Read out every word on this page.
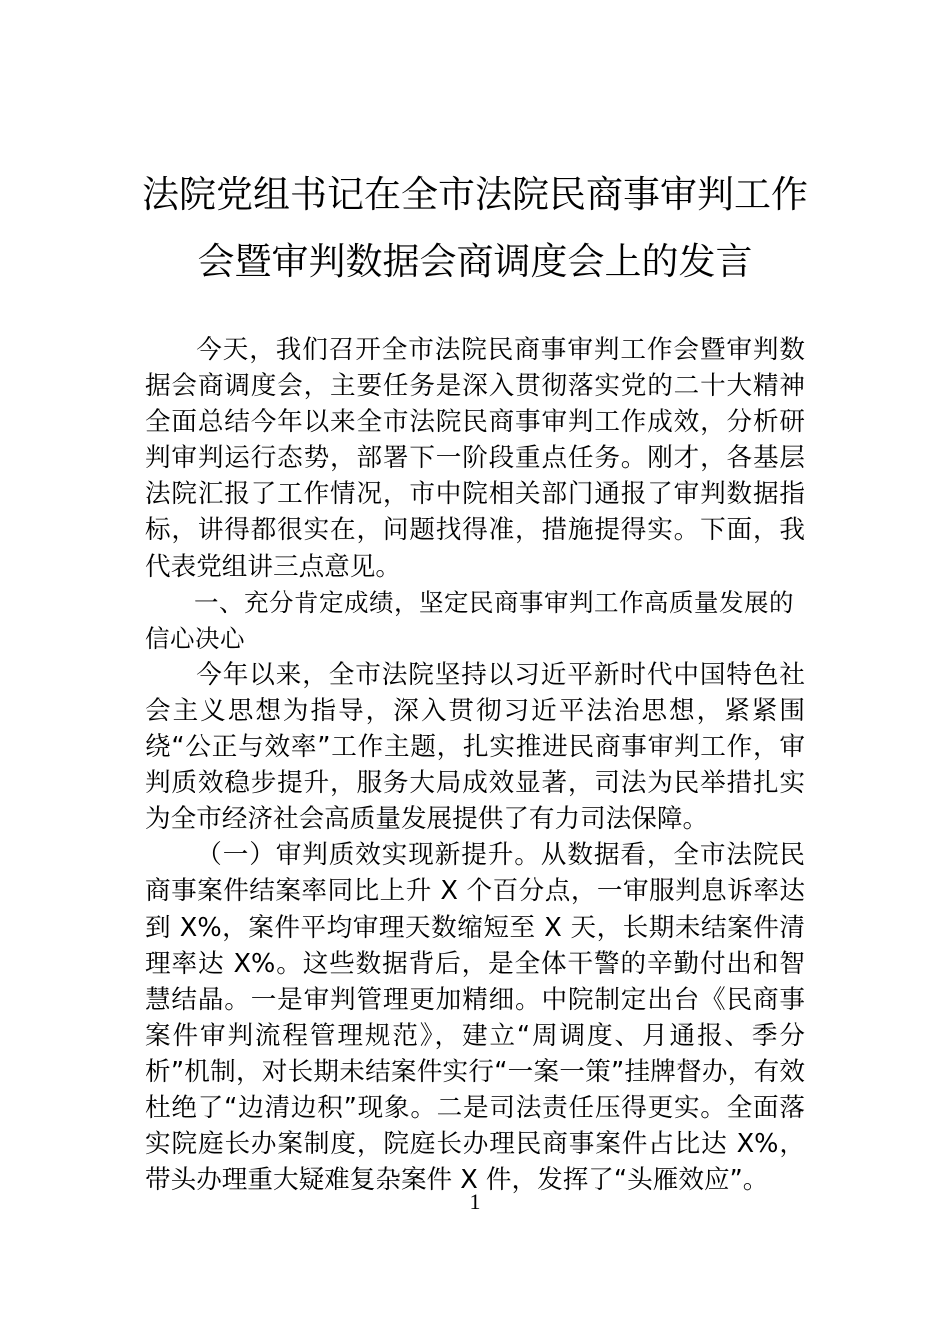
法院党组书记在全市法院民商事审判工作
会暨审判数据会商调度会上的发言

今天，我们召开全市法院民商事审判工作会暨审判数据会商调度会，主要任务是深入贯彻落实党的二十大精神全面总结今年以来全市法院民商事审判工作成效，分析研判审判运行态势，部署下一阶段重点任务。刚才，各基层法院汇报了工作情况，市中院相关部门通报了审判数据指标，讲得都很实在，问题找得准，措施提得实。下面，我代表党组讲三点意见。

一、充分肯定成绩，坚定民商事审判工作高质量发展的信心决心

今年以来，全市法院坚持以习近平新时代中国特色社会主义思想为指导，深入贯彻习近平法治思想，紧紧围绕“公正与效率”工作主题，扎实推进民商事审判工作，审判质效稳步提升，服务大局成效显著，司法为民举措扎实为全市经济社会高质量发展提供了有力司法保障。

（一）审判质效实现新提升。从数据看，全市法院民商事案件结案率同比上升 X 个百分点，一审服判息诉率达到 X%，案件平均审理天数缩短至 X 天，长期未结案件清理率达 X%。这些数据背后，是全体干警的辛勤付出和智慧结晶。一是审判管理更加精细。中院制定出台《民商事案件审判流程管理规范》，建立“周调度、月通报、季分析”机制，对长期未结案件实行“一案一策”挂牌督办，有效杜绝了“边清边积”现象。二是司法责任压得更实。全面落实院庭长办案制度，院庭长办理民商事案件占比达 X%，带头办理重大疑难复杂案件 X 件，发挥了“头雁效应”。

1
